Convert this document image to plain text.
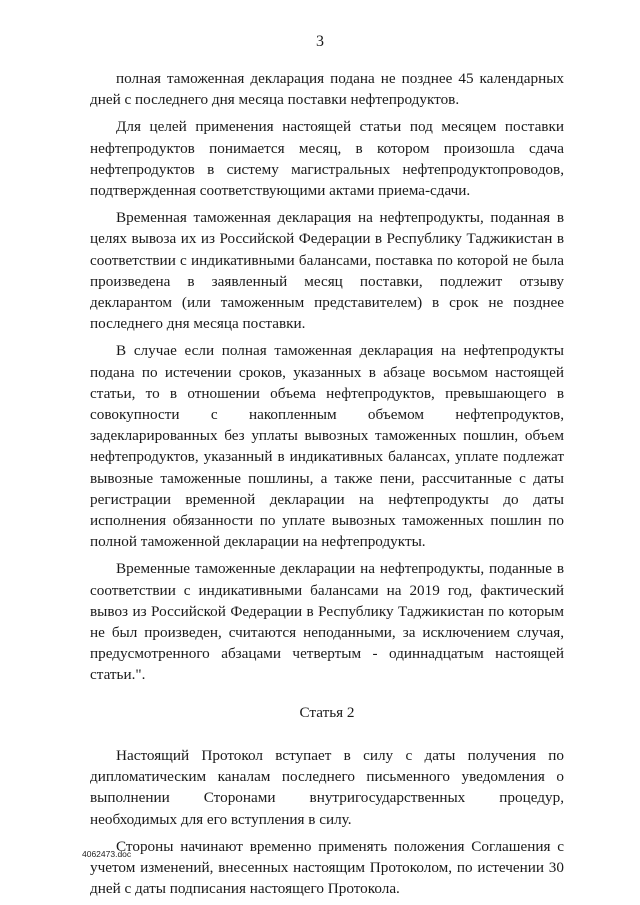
3

полная таможенная декларация подана не позднее 45 календарных дней с последнего дня месяца поставки нефтепродуктов.

Для целей применения настоящей статьи под месяцем поставки нефтепродуктов понимается месяц, в котором произошла сдача нефтепродуктов в систему магистральных нефтепродуктопроводов, подтвержденная соответствующими актами приема-сдачи.

Временная таможенная декларация на нефтепродукты, поданная в целях вывоза их из Российской Федерации в Республику Таджикистан в соответствии с индикативными балансами, поставка по которой не была произведена в заявленный месяц поставки, подлежит отзыву декларантом (или таможенным представителем) в срок не позднее последнего дня месяца поставки.

В случае если полная таможенная декларация на нефтепродукты подана по истечении сроков, указанных в абзаце восьмом настоящей статьи, то в отношении объема нефтепродуктов, превышающего в совокупности с накопленным объемом нефтепродуктов, задекларированных без уплаты вывозных таможенных пошлин, объем нефтепродуктов, указанный в индикативных балансах, уплате подлежат вывозные таможенные пошлины, а также пени, рассчитанные с даты регистрации временной декларации на нефтепродукты до даты исполнения обязанности по уплате вывозных таможенных пошлин по полной таможенной декларации на нефтепродукты.

Временные таможенные декларации на нефтепродукты, поданные в соответствии с индикативными балансами на 2019 год, фактический вывоз из Российской Федерации в Республику Таджикистан по которым не был произведен, считаются неподанными, за исключением случая, предусмотренного абзацами четвертым - одиннадцатым настоящей статьи.".

Статья 2

Настоящий Протокол вступает в силу с даты получения по дипломатическим каналам последнего письменного уведомления о выполнении Сторонами внутригосударственных процедур, необходимых для его вступления в силу.

Стороны начинают временно применять положения Соглашения с учетом изменений, внесенных настоящим Протоколом, по истечении 30 дней с даты подписания настоящего Протокола.

4062473.doc
